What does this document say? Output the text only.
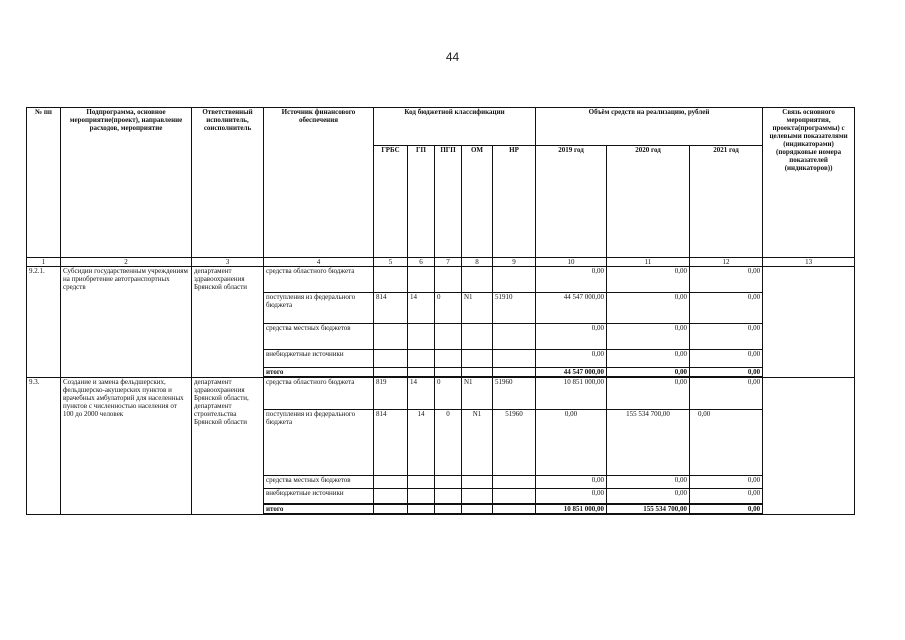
44
№ пп	Подпрограмма, основное мероприятие(проект), направление расходов, мероприятие	Ответственный исполнитель, соисполнитель	Источник финансового обеспечения	Код бюджетной классификации					Объём средств на реализацию, рублей			Связь основного мероприятия, проекта(программы) с целевыми показателями (индикаторами) (порядковые номера показателей (индикаторов))
				ГРБС	ГП	ПГП	ОМ	НР	2019 год	2020 год	2021 год	
1	2	3	4	5	6	7	8	9	10	11	12	13
9.2.1.	Субсидии государственным учреждениям на приобретение автотранспортных средств	департамент здравоохранения Брянской области	средства областного бюджета						0,00	0,00	0,00	
			поступления из федерального бюджета	814	14	0	N1	51910	44 547 000,00	0,00	0,00	
			средства местных бюджетов						0,00	0,00	0,00	
			внебюджетные источники						0,00	0,00	0,00	
			итого						44 547 000,00	0,00	0,00	
9.3.	Создание и замена фельдшерских, фельдшерско-акушерских пунктов и врачебных амбулаторий для населенных пунктов с численностью населения от 100 до 2000 человек	департамент здравоохранения Брянской области, департамент строительства Брянской области	средства областного бюджета	819	14	0	N1	51960	10 851 000,00	0,00	0,00	
			поступления из федерального бюджета	814	14	0	N1	51960	0,00	155 534 700,00	0,00	
			средства местных бюджетов						0,00	0,00	0,00	
			внебюджетные источники						0,00	0,00	0,00	
			итого						10 851 000,00	155 534 700,00	0,00	
